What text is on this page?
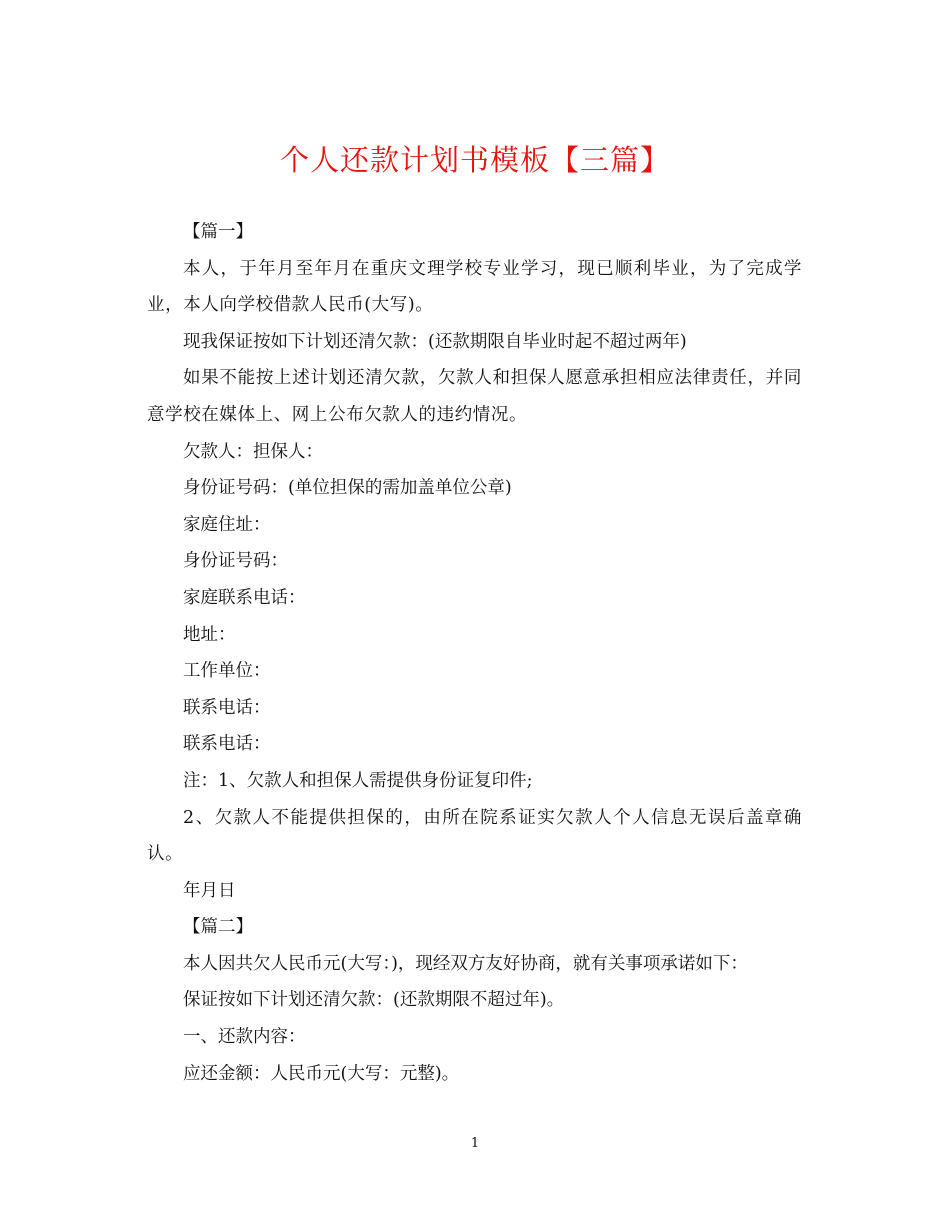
个人还款计划书模板【三篇】

【篇一】

本人，于年月至年月在重庆文理学校专业学习，现已顺利毕业，为了完成学业，本人向学校借款人民币(大写)。

现我保证按如下计划还清欠款：(还款期限自毕业时起不超过两年)

如果不能按上述计划还清欠款，欠款人和担保人愿意承担相应法律责任，并同意学校在媒体上、网上公布欠款人的违约情况。

欠款人：担保人：

身份证号码：(单位担保的需加盖单位公章)

家庭住址：

身份证号码：

家庭联系电话：

地址：

工作单位：

联系电话：

联系电话：

注：1、欠款人和担保人需提供身份证复印件;

2、欠款人不能提供担保的，由所在院系证实欠款人个人信息无误后盖章确认。

年月日

【篇二】

本人因共欠人民币元(大写：)，现经双方友好协商，就有关事项承诺如下：

保证按如下计划还清欠款：(还款期限不超过年)。

一、还款内容：

应还金额：人民币元(大写：元整)。

1
